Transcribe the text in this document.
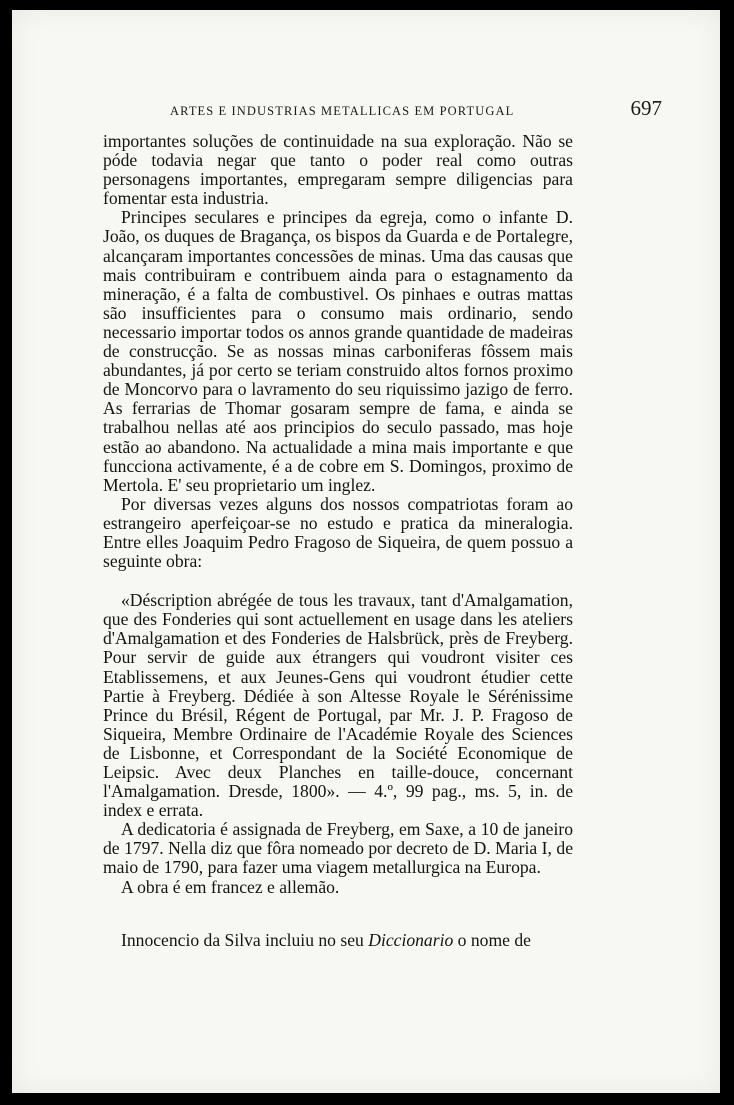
ARTES E INDUSTRIAS METALLICAS EM PORTUGAL	697

importantes soluções de continuidade na sua exploração. Não se póde todavia negar que tanto o poder real como outras personagens importantes, empregaram sempre diligencias para fomentar esta industria.

Principes seculares e principes da egreja, como o infante D. João, os duques de Bragança, os bispos da Guarda e de Portalegre, alcançaram importantes concessões de minas. Uma das causas que mais contribuiram e contribuem ainda para o estagnamento da mineração, é a falta de combustivel. Os pinhaes e outras mattas são insufficientes para o consumo mais ordinario, sendo necessario importar todos os annos grande quantidade de madeiras de construcção. Se as nossas minas carboniferas fôssem mais abundantes, já por certo se teriam construido altos fornos proximo de Moncorvo para o lavramento do seu riquissimo jazigo de ferro. As ferrarias de Thomar gosaram sempre de fama, e ainda se trabalhou nellas até aos principios do seculo passado, mas hoje estão ao abandono. Na actualidade a mina mais importante e que funcciona activamente, é a de cobre em S. Domingos, proximo de Mertola. E' seu proprietario um inglez.

Por diversas vezes alguns dos nossos compatriotas foram ao estrangeiro aperfeiçoar-se no estudo e pratica da mineralogia. Entre elles Joaquim Pedro Fragoso de Siqueira, de quem possuo a seguinte obra:

«Déscription abrégée de tous les travaux, tant d'Amalgamation, que des Fonderies qui sont actuellement en usage dans les ateliers d'Amalgamation et des Fonderies de Halsbrück, près de Freyberg. Pour servir de guide aux étrangers qui voudront visiter ces Etablissemens, et aux Jeunes-Gens qui voudront étudier cette Partie à Freyberg. Dédiée à son Altesse Royale le Sérénissime Prince du Brésil, Régent de Portugal, par Mr. J. P. Fragoso de Siqueira, Membre Ordinaire de l'Académie Royale des Sciences de Lisbonne, et Correspondant de la Société Economique de Leipsic. Avec deux Planches en taille-douce, concernant l'Amalgamation. Dresde, 1800». — 4.º, 99 pag., ms. 5, in. de index e errata.

A dedicatoria é assignada de Freyberg, em Saxe, a 10 de janeiro de 1797. Nella diz que fôra nomeado por decreto de D. Maria I, de maio de 1790, para fazer uma viagem metallurgica na Europa.

A obra é em francez e allemão.

Innocencio da Silva incluiu no seu Diccionario o nome de
